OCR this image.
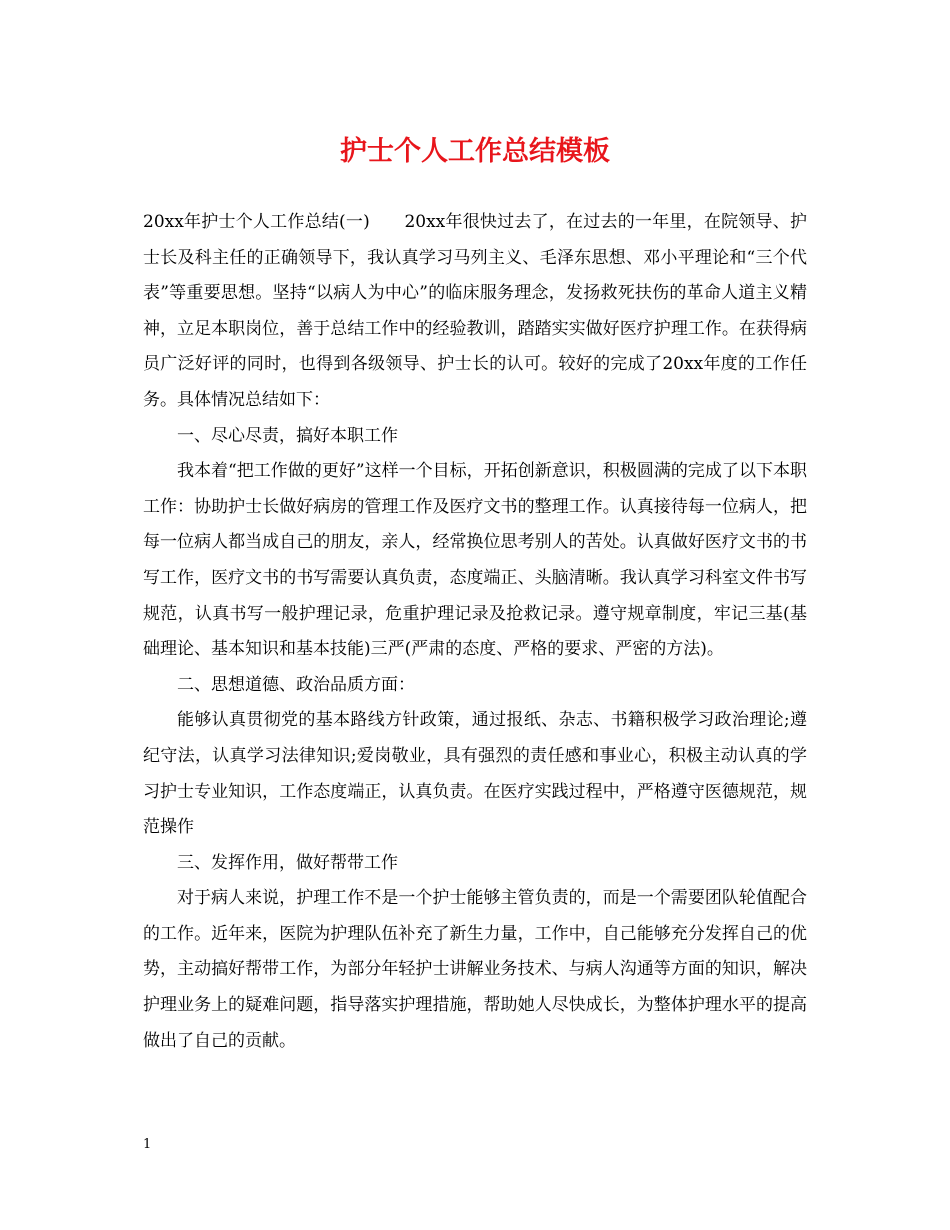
护士个人工作总结模板

20xx年护士个人工作总结(一)　　20xx年很快过去了，在过去的一年里，在院领导、护士长及科主任的正确领导下，我认真学习马列主义、毛泽东思想、邓小平理论和“三个代表”等重要思想。坚持“以病人为中心”的临床服务理念，发扬救死扶伤的革命人道主义精神，立足本职岗位，善于总结工作中的经验教训，踏踏实实做好医疗护理工作。在获得病员广泛好评的同时，也得到各级领导、护士长的认可。较好的完成了20xx年度的工作任务。具体情况总结如下：

一、尽心尽责，搞好本职工作

我本着“把工作做的更好”这样一个目标，开拓创新意识，积极圆满的完成了以下本职工作：协助护士长做好病房的管理工作及医疗文书的整理工作。认真接待每一位病人，把每一位病人都当成自己的朋友，亲人，经常换位思考别人的苦处。认真做好医疗文书的书写工作，医疗文书的书写需要认真负责，态度端正、头脑清晰。我认真学习科室文件书写规范，认真书写一般护理记录，危重护理记录及抢救记录。遵守规章制度，牢记三基(基础理论、基本知识和基本技能)三严(严肃的态度、严格的要求、严密的方法)。

二、思想道德、政治品质方面：

能够认真贯彻党的基本路线方针政策，通过报纸、杂志、书籍积极学习政治理论;遵纪守法，认真学习法律知识;爱岗敬业，具有强烈的责任感和事业心，积极主动认真的学习护士专业知识，工作态度端正，认真负责。在医疗实践过程中，严格遵守医德规范，规范操作

三、发挥作用，做好帮带工作

对于病人来说，护理工作不是一个护士能够主管负责的，而是一个需要团队轮值配合的工作。近年来，医院为护理队伍补充了新生力量，工作中，自己能够充分发挥自己的优势，主动搞好帮带工作，为部分年轻护士讲解业务技术、与病人沟通等方面的知识，解决护理业务上的疑难问题，指导落实护理措施，帮助她人尽快成长，为整体护理水平的提高做出了自己的贡献。

1
